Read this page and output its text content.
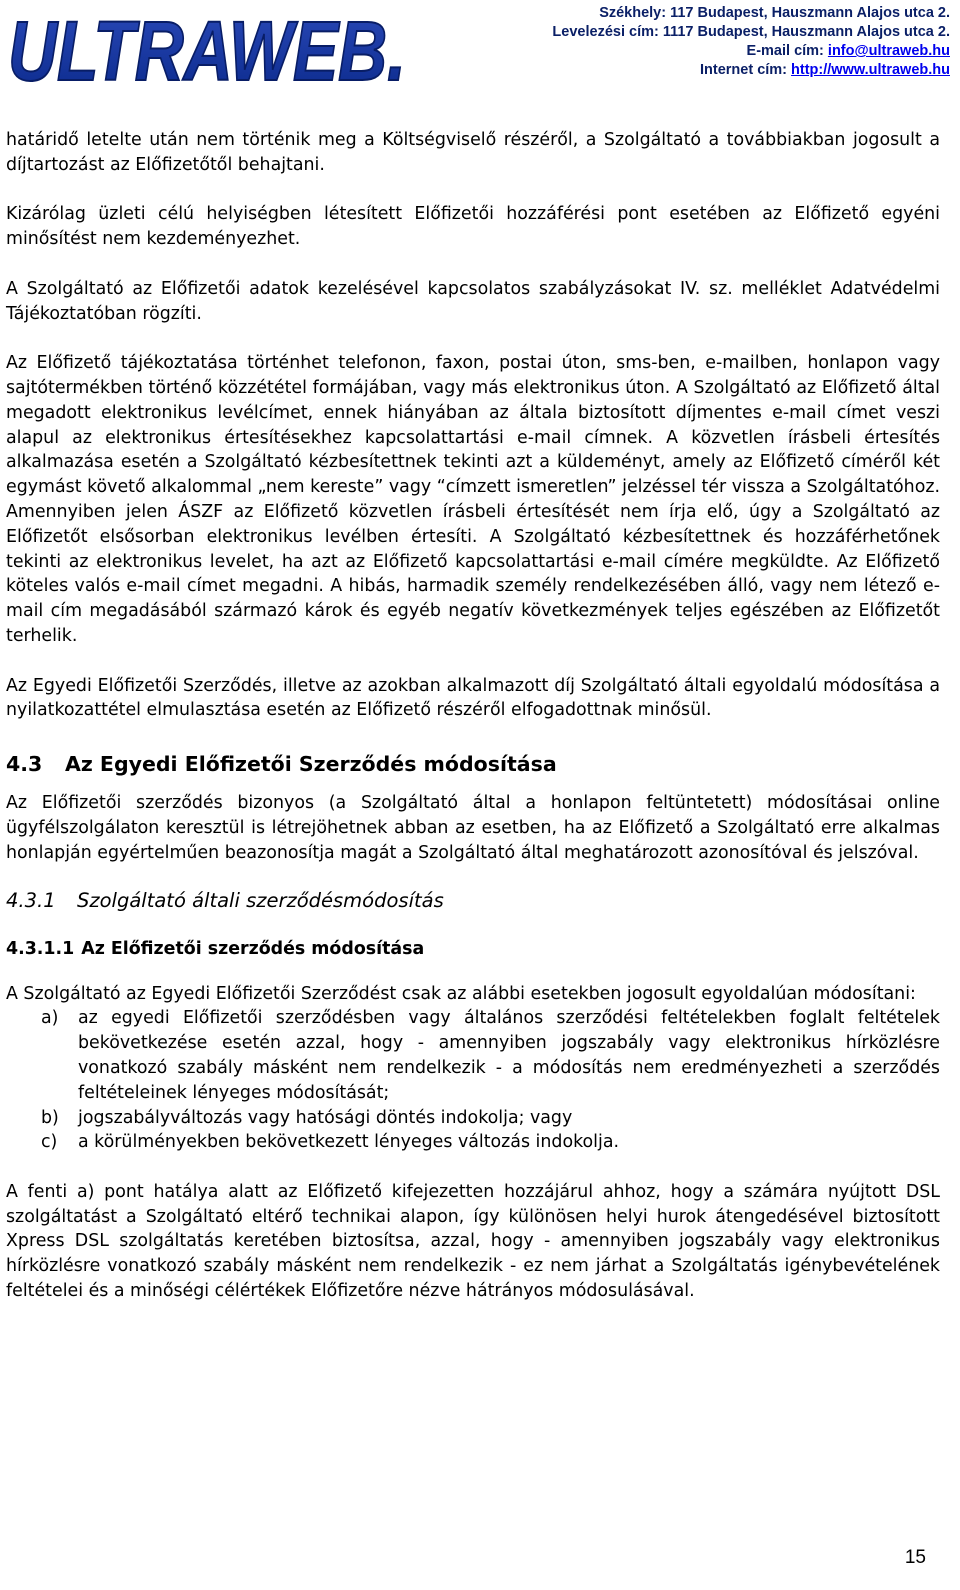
ULTRAWEB.	Székhely: 117 Budapest, Hauszmann Alajos utca 2.
Levelezési cím: 1117 Budapest, Hauszmann Alajos utca 2.
E-mail cím: info@ultraweb.hu
Internet cím: http://www.ultraweb.hu

határidő letelte után nem történik meg a Költségviselő részéről, a Szolgáltató a továbbiakban jogosult a díjtartozást az Előfizetőtől behajtani.

Kizárólag üzleti célú helyiségben létesített Előfizetői hozzáférési pont esetében az Előfizető egyéni minősítést nem kezdeményezhet.

A Szolgáltató az Előfizetői adatok kezelésével kapcsolatos szabályzásokat IV. sz. melléklet Adatvédelmi Tájékoztatóban rögzíti.

Az Előfizető tájékoztatása történhet telefonon, faxon, postai úton, sms-ben, e-mailben, honlapon vagy sajtótermékben történő közzététel formájában, vagy más elektronikus úton. A Szolgáltató az Előfizető által megadott elektronikus levélcímet, ennek hiányában az általa biztosított díjmentes e-mail címet veszi alapul az elektronikus értesítésekhez kapcsolattartási e-mail címnek. A közvetlen írásbeli értesítés alkalmazása esetén a Szolgáltató kézbesítettnek tekinti azt a küldeményt, amely az Előfizető címéről két egymást követő alkalommal „nem kereste” vagy “címzett ismeretlen” jelzéssel tér vissza a Szolgáltatóhoz. Amennyiben jelen ÁSZF az Előfizető közvetlen írásbeli értesítését nem írja elő, úgy a Szolgáltató az Előfizetőt elsősorban elektronikus levélben értesíti. A Szolgáltató kézbesítettnek és hozzáférhetőnek tekinti az elektronikus levelet, ha azt az Előfizető kapcsolattartási e-mail címére megküldte. Az Előfizető köteles valós e-mail címet megadni. A hibás, harmadik személy rendelkezésében álló, vagy nem létező e-mail cím megadásából származó károk és egyéb negatív következmények teljes egészében az Előfizetőt terhelik.

Az Egyedi Előfizetői Szerződés, illetve az azokban alkalmazott díj Szolgáltató általi egyoldalú módosítása a nyilatkozattétel elmulasztása esetén az Előfizető részéről elfogadottnak minősül.

4.3 Az Egyedi Előfizetői Szerződés módosítása

Az Előfizetői szerződés bizonyos (a Szolgáltató által a honlapon feltüntetett) módosításai online ügyfélszolgálaton keresztül is létrejöhetnek abban az esetben, ha az Előfizető a Szolgáltató erre alkalmas honlapján egyértelműen beazonosítja magát a Szolgáltató által meghatározott azonosítóval és jelszóval.

4.3.1 Szolgáltató általi szerződésmódosítás
4.3.1.1 Az Előfizetői szerződés módosítása

A Szolgáltató az Egyedi Előfizetői Szerződést csak az alábbi esetekben jogosult egyoldalúan módosítani:

a) az egyedi Előfizetői szerződésben vagy általános szerződési feltételekben foglalt feltételek bekövetkezése esetén azzal, hogy - amennyiben jogszabály vagy elektronikus hírközlésre vonatkozó szabály másként nem rendelkezik - a módosítás nem eredményezheti a szerződés feltételeinek lényeges módosítását;
b) jogszabályváltozás vagy hatósági döntés indokolja; vagy
c) a körülményekben bekövetkezett lényeges változás indokolja.

A fenti a) pont hatálya alatt az Előfizető kifejezetten hozzájárul ahhoz, hogy a számára nyújtott DSL szolgáltatást a Szolgáltató eltérő technikai alapon, így különösen helyi hurok átengedésével biztosított Xpress DSL szolgáltatás keretében biztosítsa, azzal, hogy - amennyiben jogszabály vagy elektronikus hírközlésre vonatkozó szabály másként nem rendelkezik - ez nem járhat a Szolgáltatás igénybevételének feltételei és a minőségi célértékek Előfizetőre nézve hátrányos módosulásával.

15
